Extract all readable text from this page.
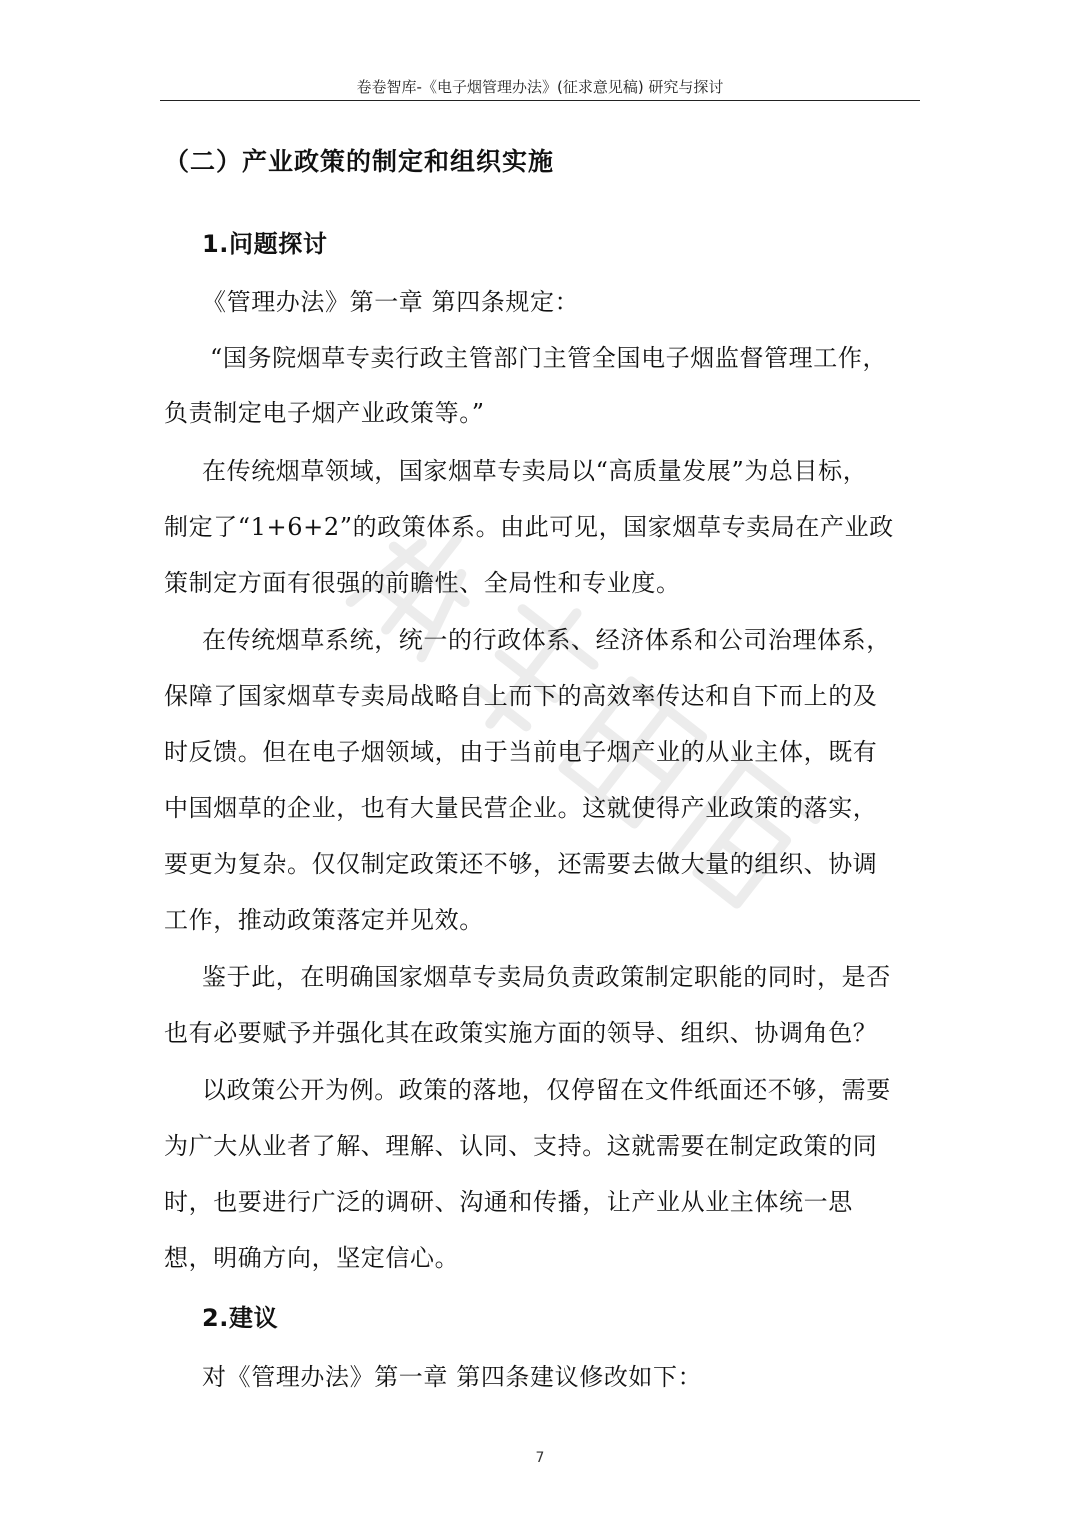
卷卷智库-《电子烟管理办法》(征求意见稿) 研究与探讨
（二）产业政策的制定和组织实施
1.问题探讨
《管理办法》第一章 第四条规定：
“国务院烟草专卖行政主管部门主管全国电子烟监督管理工作，
负责制定电子烟产业政策等。”
在传统烟草领域，国家烟草专卖局以“高质量发展”为总目标，
制定了“1+6+2”的政策体系。由此可见，国家烟草专卖局在产业政
策制定方面有很强的前瞻性、全局性和专业度。
在传统烟草系统，统一的行政体系、经济体系和公司治理体系，
保障了国家烟草专卖局战略自上而下的高效率传达和自下而上的及
时反馈。但在电子烟领域，由于当前电子烟产业的从业主体，既有
中国烟草的企业，也有大量民营企业。这就使得产业政策的落实，
要更为复杂。仅仅制定政策还不够，还需要去做大量的组织、协调
工作，推动政策落定并见效。
鉴于此，在明确国家烟草专卖局负责政策制定职能的同时，是否
也有必要赋予并强化其在政策实施方面的领导、组织、协调角色？
以政策公开为例。政策的落地，仅停留在文件纸面还不够，需要
为广大从业者了解、理解、认同、支持。这就需要在制定政策的同
时，也要进行广泛的调研、沟通和传播，让产业从业主体统一思
想，明确方向，坚定信心。
2.建议
对《管理办法》第一章 第四条建议修改如下：
7
